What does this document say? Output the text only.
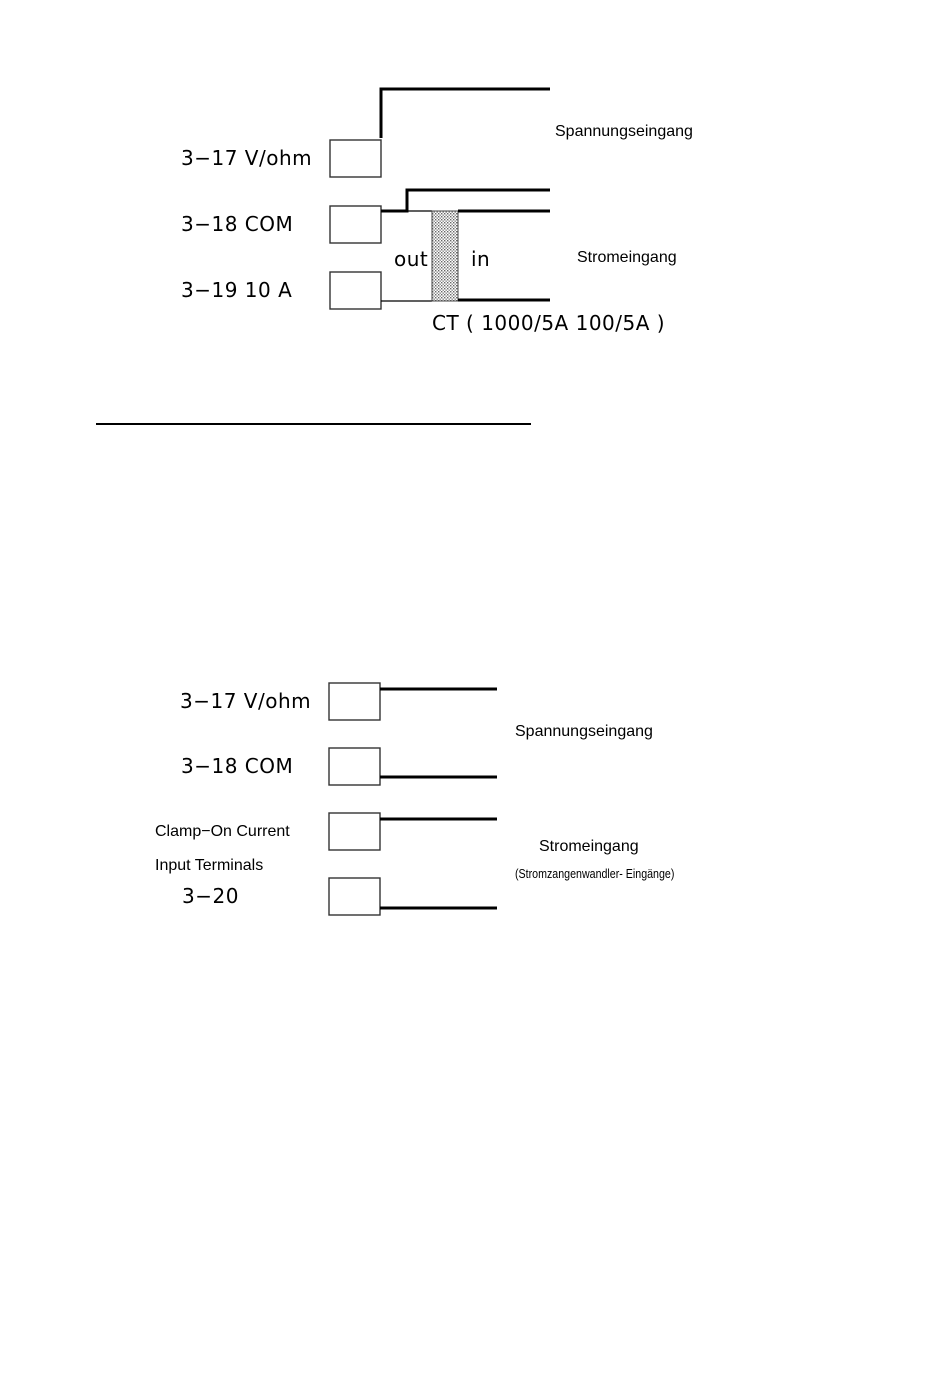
3−17 V/ohm
3−18 COM
3−19 10 A
Spannungseingang
Stromeingang
out in
CT ( 1000/5A 100/5A )
3−17 V/ohm
3−18 COM
Clamp−On Current
Input Terminals
3−20
Spannungseingang
Stromeingang
(Stromzangenwandler- Eingänge)
